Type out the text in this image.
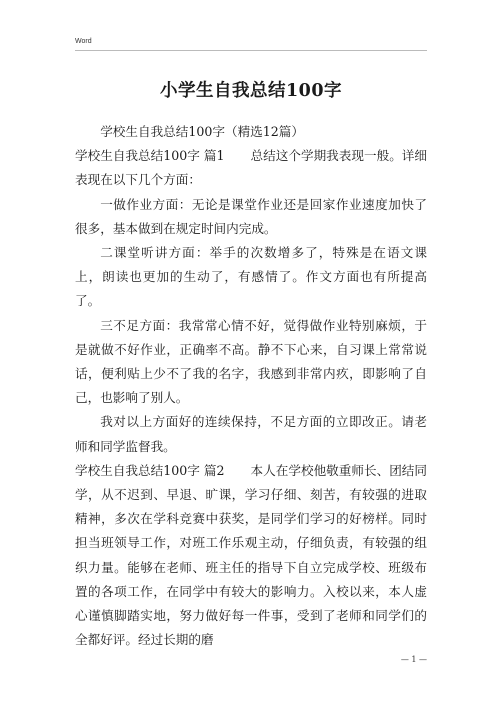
Word
小学生自我总结100字

学校生自我总结100字（精选12篇）

学校生自我总结100字 篇1 总结这个学期我表现一般。详细表现在以下几个方面：

一做作业方面：无论是课堂作业还是回家作业速度加快了很多，基本做到在规定时间内完成。

二课堂听讲方面：举手的次数增多了，特殊是在语文课上，朗读也更加的生动了，有感情了。作文方面也有所提高了。

三不足方面：我常常心情不好，觉得做作业特别麻烦，于是就做不好作业，正确率不高。静不下心来，自习课上常常说话，便利贴上少不了我的名字，我感到非常内疚，即影响了自己，也影响了别人。

我对以上方面好的连续保持，不足方面的立即改正。请老师和同学监督我。

学校生自我总结100字 篇2 本人在学校他敬重师长、团结同学，从不迟到、早退、旷课，学习仔细、刻苦，有较强的进取精神，多次在学科竞赛中获奖，是同学们学习的好榜样。同时担当班领导工作，对班工作乐观主动，仔细负责，有较强的组织力量。能够在老师、班主任的指导下自立完成学校、班级布置的各项工作，在同学中有较大的影响力。入校以来，本人虚心谨慎脚踏实地，努力做好每一件事，受到了老师和同学们的全都好评。经过长期的磨

— 1 —
